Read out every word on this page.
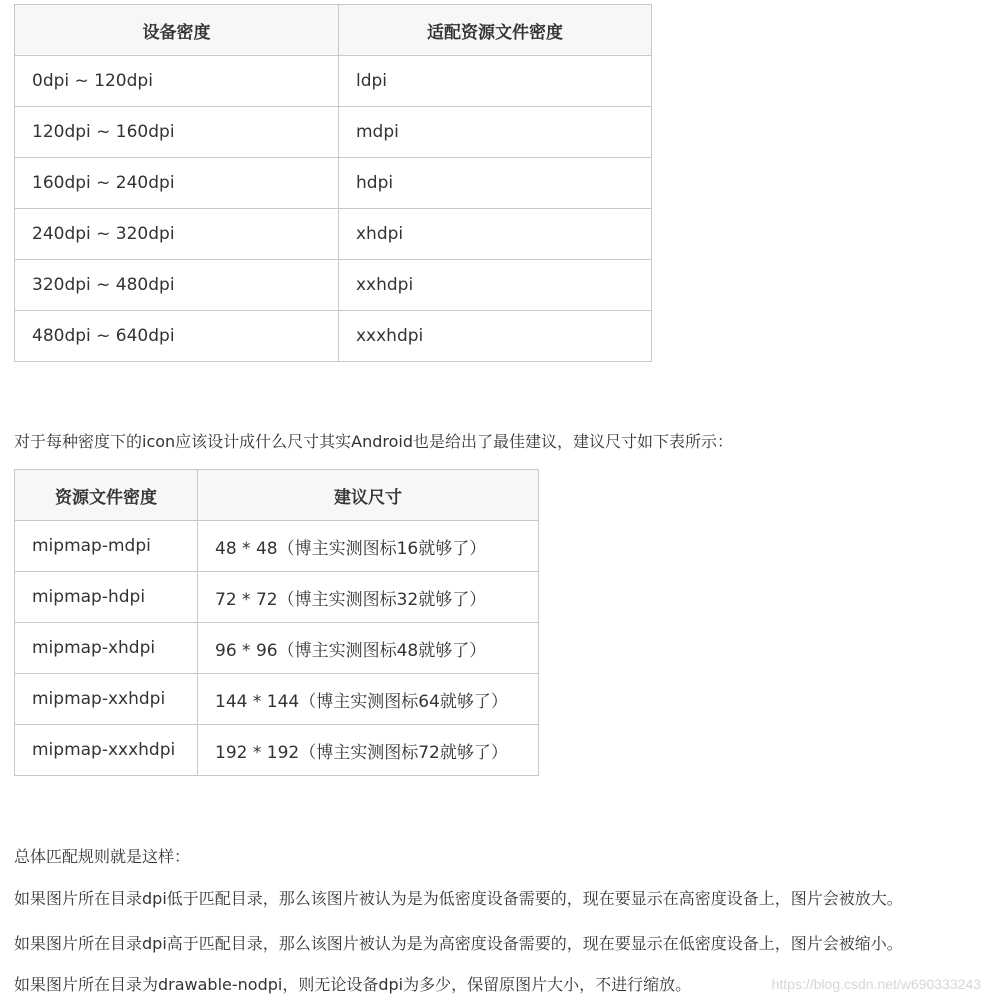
设备密度	适配资源文件密度
0dpi ~ 120dpi	ldpi
120dpi ~ 160dpi	mdpi
160dpi ~ 240dpi	hdpi
240dpi ~ 320dpi	xhdpi
320dpi ~ 480dpi	xxhdpi
480dpi ~ 640dpi	xxxhdpi

对于每种密度下的icon应该设计成什么尺寸其实Android也是给出了最佳建议，建议尺寸如下表所示：

资源文件密度	建议尺寸
mipmap-mdpi	48 * 48（博主实测图标16就够了）
mipmap-hdpi	72 * 72（博主实测图标32就够了）
mipmap-xhdpi	96 * 96（博主实测图标48就够了）
mipmap-xxhdpi	144 * 144（博主实测图标64就够了）
mipmap-xxxhdpi	192 * 192（博主实测图标72就够了）

总体匹配规则就是这样：

如果图片所在目录dpi低于匹配目录，那么该图片被认为是为低密度设备需要的，现在要显示在高密度设备上，图片会被放大。

如果图片所在目录dpi高于匹配目录，那么该图片被认为是为高密度设备需要的，现在要显示在低密度设备上，图片会被缩小。

如果图片所在目录为drawable-nodpi，则无论设备dpi为多少，保留原图片大小，不进行缩放。	https://blog.csdn.net/w690333243
